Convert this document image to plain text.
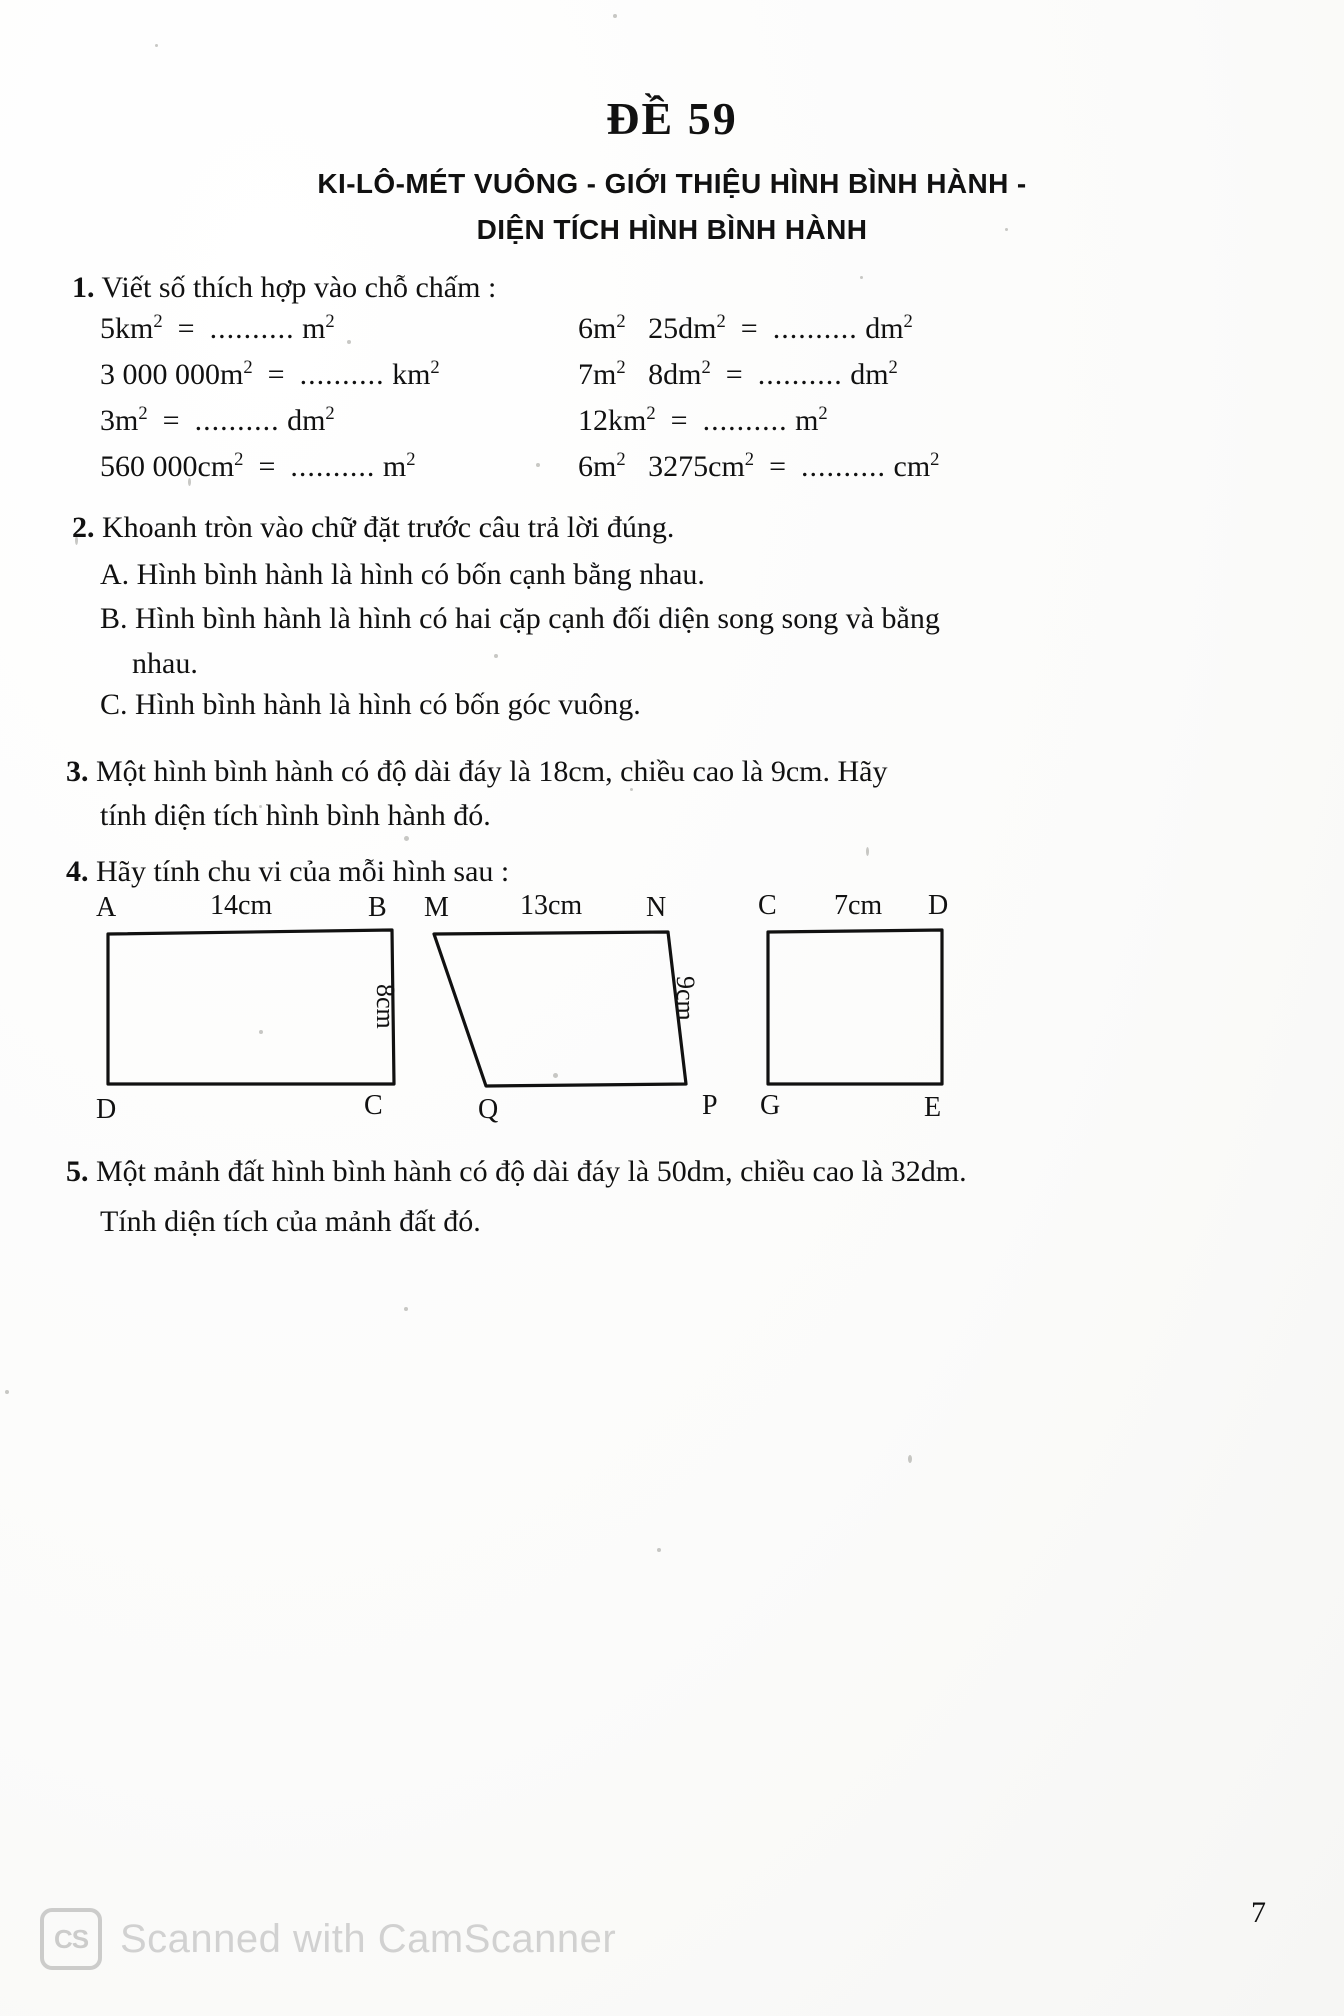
ĐỀ 59
KI-LÔ-MÉT VUÔNG - GIỚI THIỆU HÌNH BÌNH HÀNH -
DIỆN TÍCH HÌNH BÌNH HÀNH
1. Viết số thích hợp vào chỗ chấm :
$5km^2$  =  .......... $m^2$
3 000 $000m^2$  =  .......... $km^2$
$3m^2$  =  .......... $dm^2$
560 $000cm^2$  =  .......... $m^2$
$6m^2$ $25dm^2$  =  .......... $dm^2$
$7m^2$ $8dm^2$  =  .......... $dm^2$
$12km^2$  =  .......... $m^2$
$6m^2$ $3275cm^2$  =  .......... $cm^2$
2. Khoanh tròn vào chữ đặt trước câu trả lời đúng.
A. Hình bình hành là hình có bốn cạnh bằng nhau.
B. Hình bình hành là hình có hai cặp cạnh đối diện song song và bằng
nhau.
C. Hình bình hành là hình có bốn góc vuông.
3. Một hình bình hành có độ dài đáy là 18cm, chiều cao là 9cm. Hãy
tính diện tích hình bình hành đó.
4. Hãy tính chu vi của mỗi hình sau :
A	14cm	B
8cm
D	C
M	13cm N
9cm
Q	P
C 7cm D
G	E
5. Một mảnh đất hình bình hành có độ dài đáy là 50dm, chiều cao là 32dm.
Tính diện tích của mảnh đất đó.
CS Scanned with CamScanner
7
